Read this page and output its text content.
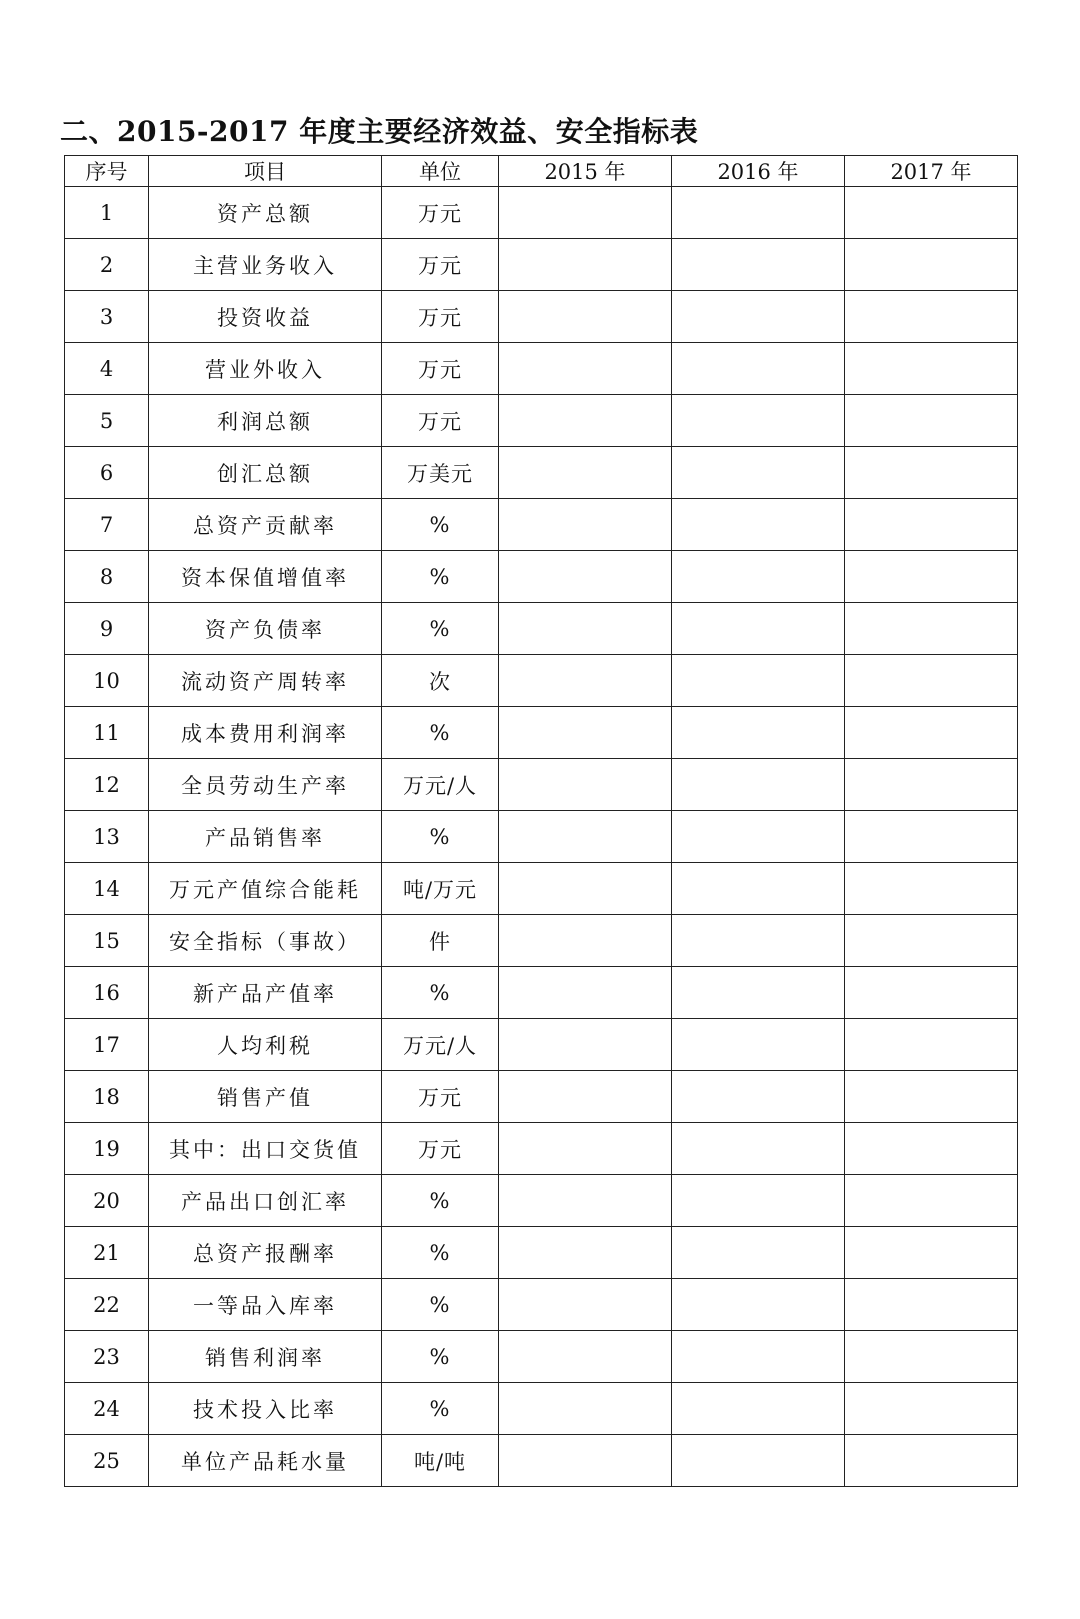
二、2015-2017 年度主要经济效益、安全指标表
序号	项目	单位	2015 年	2016 年	2017 年
1	资产总额	万元			
2	主营业务收入	万元			
3	投资收益	万元			
4	营业外收入	万元			
5	利润总额	万元			
6	创汇总额	万美元			
7	总资产贡献率	%			
8	资本保值增值率	%			
9	资产负债率	%			
10	流动资产周转率	次			
11	成本费用利润率	%			
12	全员劳动生产率	万元/人			
13	产品销售率	%			
14	万元产值综合能耗	吨/万元			
15	安全指标（事故）	件			
16	新产品产值率	%			
17	人均利税	万元/人			
18	销售产值	万元			
19	其中：出口交货值	万元			
20	产品出口创汇率	%			
21	总资产报酬率	%			
22	一等品入库率	%			
23	销售利润率	%			
24	技术投入比率	%			
25	单位产品耗水量	吨/吨			
